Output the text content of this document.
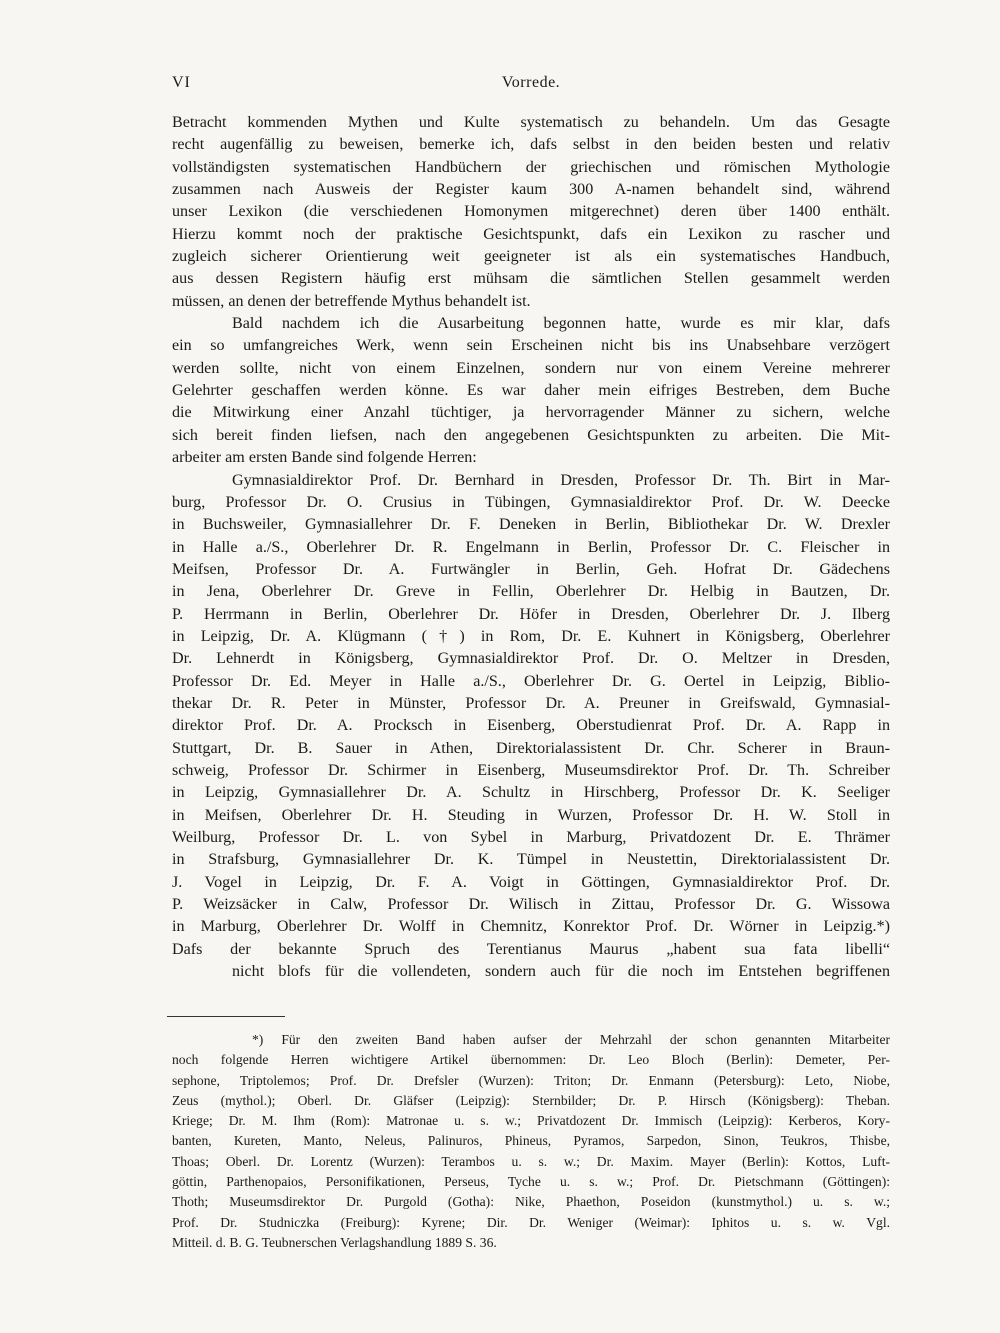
VI	Vorrede.

Betracht kommenden Mythen und Kulte systematisch zu behandeln. Um das Gesagte

recht augenfällig zu beweisen, bemerke ich, dafs selbst in den beiden besten und relativ

vollständigsten systematischen Handbüchern der griechischen und römischen Mythologie

zusammen nach Ausweis der Register kaum 300 A-namen behandelt sind, während

unser Lexikon (die verschiedenen Homonymen mitgerechnet) deren über 1400 enthält.

Hierzu kommt noch der praktische Gesichtspunkt, dafs ein Lexikon zu rascher und

zugleich sicherer Orientierung weit geeigneter ist als ein systematisches Handbuch,

aus dessen Registern häufig erst mühsam die sämtlichen Stellen gesammelt werden

müssen, an denen der betreffende Mythus behandelt ist.

Bald nachdem ich die Ausarbeitung begonnen hatte, wurde es mir klar, dafs

ein so umfangreiches Werk, wenn sein Erscheinen nicht bis ins Unabsehbare verzögert

werden sollte, nicht von einem Einzelnen, sondern nur von einem Vereine mehrerer

Gelehrter geschaffen werden könne. Es war daher mein eifriges Bestreben, dem Buche

die Mitwirkung einer Anzahl tüchtiger, ja hervorragender Männer zu sichern, welche

sich bereit finden liefsen, nach den angegebenen Gesichtspunkten zu arbeiten. Die Mit-

arbeiter am ersten Bande sind folgende Herren:

Gymnasialdirektor Prof. Dr. Bernhard in Dresden, Professor Dr. Th. Birt in Mar-

burg, Professor Dr. O. Crusius in Tübingen, Gymnasialdirektor Prof. Dr. W. Deecke

in Buchsweiler, Gymnasiallehrer Dr. F. Deneken in Berlin, Bibliothekar Dr. W. Drexler

in Halle a./S., Oberlehrer Dr. R. Engelmann in Berlin, Professor Dr. C. Fleischer in

Meifsen, Professor Dr. A. Furtwängler in Berlin, Geh. Hofrat Dr. Gädechens

in Jena, Oberlehrer Dr. Greve in Fellin, Oberlehrer Dr. Helbig in Bautzen, Dr.

P. Herrmann in Berlin, Oberlehrer Dr. Höfer in Dresden, Oberlehrer Dr. J. Ilberg

in Leipzig, Dr. A. Klügmann (†) in Rom, Dr. E. Kuhnert in Königsberg, Oberlehrer

Dr. Lehnerdt in Königsberg, Gymnasialdirektor Prof. Dr. O. Meltzer in Dresden,

Professor Dr. Ed. Meyer in Halle a./S., Oberlehrer Dr. G. Oertel in Leipzig, Biblio-

thekar Dr. R. Peter in Münster, Professor Dr. A. Preuner in Greifswald, Gymnasial-

direktor Prof. Dr. A. Procksch in Eisenberg, Oberstudienrat Prof. Dr. A. Rapp in

Stuttgart, Dr. B. Sauer in Athen, Direktorialassistent Dr. Chr. Scherer in Braun-

schweig, Professor Dr. Schirmer in Eisenberg, Museumsdirektor Prof. Dr. Th. Schreiber

in Leipzig, Gymnasiallehrer Dr. A. Schultz in Hirschberg, Professor Dr. K. Seeliger

in Meifsen, Oberlehrer Dr. H. Steuding in Wurzen, Professor Dr. H. W. Stoll in

Weilburg, Professor Dr. L. von Sybel in Marburg, Privatdozent Dr. E. Thrämer

in Strafsburg, Gymnasiallehrer Dr. K. Tümpel in Neustettin, Direktorialassistent Dr.

J. Vogel in Leipzig, Dr. F. A. Voigt in Göttingen, Gymnasialdirektor Prof. Dr.

P. Weizsäcker in Calw, Professor Dr. Wilisch in Zittau, Professor Dr. G. Wissowa

in Marburg, Oberlehrer Dr. Wolff in Chemnitz, Konrektor Prof. Dr. Wörner in Leipzig.*)

Dafs der bekannte Spruch des Terentianus Maurus „habent sua fata libelli“

nicht blofs für die vollendeten, sondern auch für die noch im Entstehen begriffenen

*) Für den zweiten Band haben aufser der Mehrzahl der schon genannten Mitarbeiter

noch folgende Herren wichtigere Artikel übernommen: Dr. Leo Bloch (Berlin): Demeter, Per-

sephone, Triptolemos; Prof. Dr. Drefsler (Wurzen): Triton; Dr. Enmann (Petersburg): Leto, Niobe,

Zeus (mythol.); Oberl. Dr. Gläfser (Leipzig): Sternbilder; Dr. P. Hirsch (Königsberg): Theban.

Kriege; Dr. M. Ihm (Rom): Matronae u. s. w.; Privatdozent Dr. Immisch (Leipzig): Kerberos, Kory-

banten, Kureten, Manto, Neleus, Palinuros, Phineus, Pyramos, Sarpedon, Sinon, Teukros, Thisbe,

Thoas; Oberl. Dr. Lorentz (Wurzen): Terambos u. s. w.; Dr. Maxim. Mayer (Berlin): Kottos, Luft-

göttin, Parthenopaios, Personifikationen, Perseus, Tyche u. s. w.; Prof. Dr. Pietschmann (Göttingen):

Thoth; Museumsdirektor Dr. Purgold (Gotha): Nike, Phaethon, Poseidon (kunstmythol.) u. s. w.;

Prof. Dr. Studniczka (Freiburg): Kyrene; Dir. Dr. Weniger (Weimar): Iphitos u. s. w. Vgl.

Mitteil. d. B. G. Teubnerschen Verlagshandlung 1889 S. 36.
